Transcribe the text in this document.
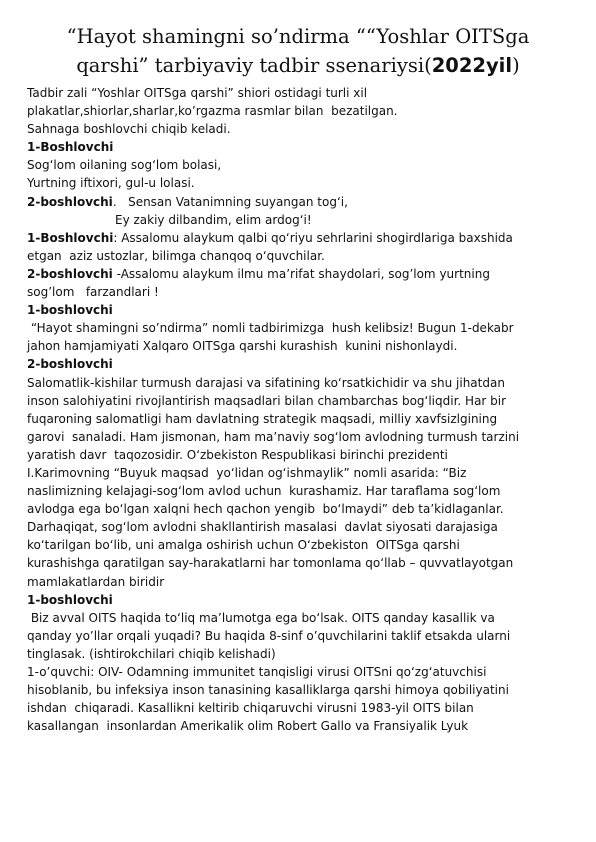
“Hayot shamingni so’ndirma ““Yoshlar OITSga
qarshi” tarbiyaviy tadbir ssenariysi(2022yil)

Tadbir zali “Yoshlar OITSga qarshi” shiori ostidagi turli xil

plakatlar,shiorlar,sharlar,ko’rgazma rasmlar bilan  bezatilgan.

Sahnaga boshlovchi chiqib keladi.

1-Boshlovchi

Sog‘lom oilaning sog‘lom bolasi,

Yurtning iftixori, gul-u lolasi.

2-boshlovchi.   Sensan Vatanimning suyangan tog‘i,

Ey zakiy dilbandim, elim ardog‘i!

1-Boshlovchi: Assalomu alaykum qalbi qo‘riyu sehrlarini shogirdlariga baxshida

etgan  aziz ustozlar, bilimga chanqoq o‘quvchilar.

2-boshlovchi -Assalomu alaykum ilmu ma’rifat shaydolari, sog’lom yurtning

sog’lom   farzandlari !

1-boshlovchi

“Hayot shamingni so’ndirma” nomli tadbirimizga  hush kelibsiz! Bugun 1-dekabr

jahon hamjamiyati Xalqaro OITSga qarshi kurashish  kunini nishonlaydi.

2-boshlovchi

Salomatlik-kishilar turmush darajasi va sifatining ko‘rsatkichidir va shu jihatdan

inson salohiyatini rivojlantirish maqsadlari bilan chambarchas bog‘liqdir. Har bir

fuqaroning salomatligi ham davlatning strategik maqsadi, milliy xavfsizlgining

garovi  sanaladi. Ham jismonan, ham ma’naviy sog‘lom avlodning turmush tarzini

yaratish davr  taqozosidir. O‘zbekiston Respublikasi birinchi prezidenti

I.Karimovning “Buyuk maqsad  yo‘lidan og‘ishmaylik” nomli asarida: “Biz

naslimizning kelajagi-sog‘lom avlod uchun  kurashamiz. Har taraflama sog‘lom

avlodga ega bo‘lgan xalqni hech qachon yengib  bo‘lmaydi” deb ta’kidlaganlar.

Darhaqiqat, sog‘lom avlodni shakllantirish masalasi  davlat siyosati darajasiga

ko‘tarilgan bo‘lib, uni amalga oshirish uchun O‘zbekiston  OITSga qarshi

kurashishga qaratilgan say-harakatlarni har tomonlama qo‘llab – quvvatlayotgan

mamlakatlardan biridir

1-boshlovchi

Biz avval OITS haqida to‘liq ma’lumotga ega bo‘lsak. OITS qanday kasallik va

qanday yo’llar orqali yuqadi? Bu haqida 8-sinf o’quvchilarini taklif etsakda ularni

tinglasak. (ishtirokchilari chiqib kelishadi)

1-o’quvchi: OIV- Odamning immunitet tanqisligi virusi OITSni qo‘zg‘atuvchisi

hisoblanib, bu infeksiya inson tanasining kasalliklarga qarshi himoya qobiliyatini

ishdan  chiqaradi. Kasallikni keltirib chiqaruvchi virusni 1983-yil OITS bilan

kasallangan  insonlardan Amerikalik olim Robert Gallo va Fransiyalik Lyuk
